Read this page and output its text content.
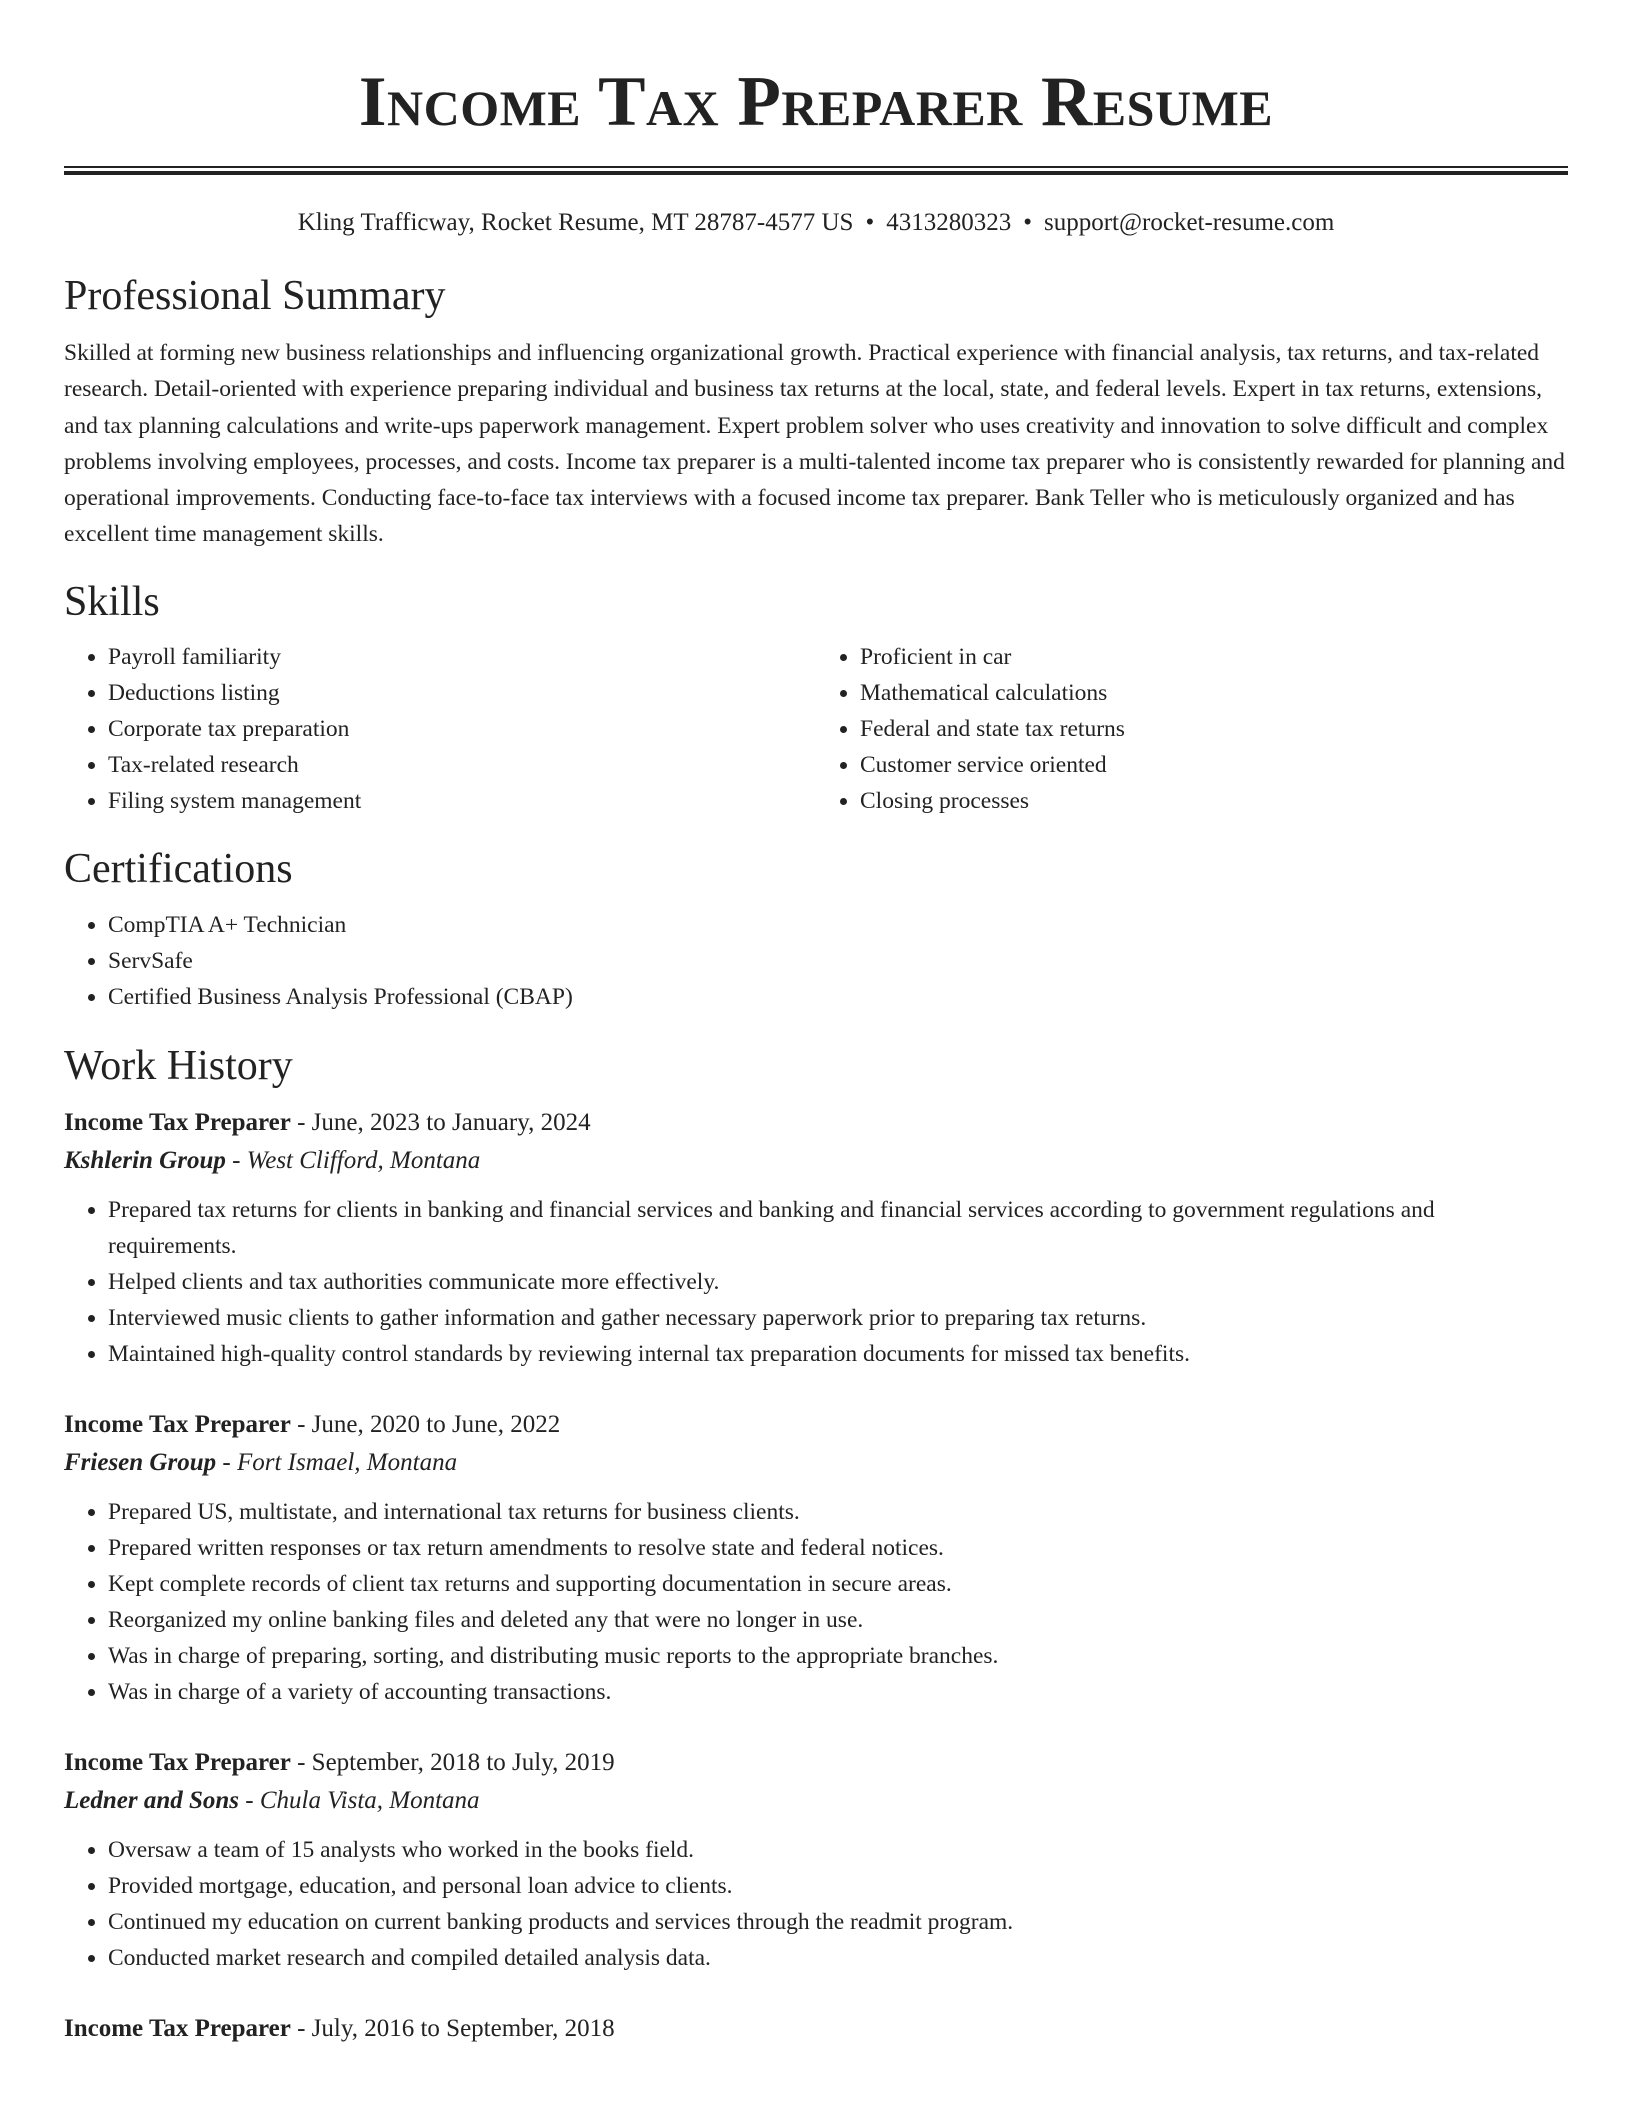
Income Tax Preparer Resume
Kling Trafficway, Rocket Resume, MT 28787-4577 US • 4313280323 • support@rocket-resume.com
Professional Summary

Skilled at forming new business relationships and influencing organizational growth. Practical experience with financial analysis, tax returns, and tax-related research. Detail-oriented with experience preparing individual and business tax returns at the local, state, and federal levels. Expert in tax returns, extensions, and tax planning calculations and write-ups paperwork management. Expert problem solver who uses creativity and innovation to solve difficult and complex problems involving employees, processes, and costs. Income tax preparer is a multi-talented income tax preparer who is consistently rewarded for planning and operational improvements. Conducting face-to-face tax interviews with a focused income tax preparer. Bank Teller who is meticulously organized and has excellent time management skills.

Skills
• Payroll familiarity
• Deductions listing
• Corporate tax preparation
• Tax-related research
• Filing system management
• Proficient in car
• Mathematical calculations
• Federal and state tax returns
• Customer service oriented
• Closing processes
Certifications
• CompTIA A+ Technician
• ServSafe
• Certified Business Analysis Professional (CBAP)
Work History
Income Tax Preparer - June, 2023 to January, 2024
Kshlerin Group - West Clifford, Montana
• Prepared tax returns for clients in banking and financial services and banking and financial services according to government regulations and requirements.
• Helped clients and tax authorities communicate more effectively.
• Interviewed music clients to gather information and gather necessary paperwork prior to preparing tax returns.
• Maintained high-quality control standards by reviewing internal tax preparation documents for missed tax benefits.
Income Tax Preparer - June, 2020 to June, 2022
Friesen Group - Fort Ismael, Montana
• Prepared US, multistate, and international tax returns for business clients.
• Prepared written responses or tax return amendments to resolve state and federal notices.
• Kept complete records of client tax returns and supporting documentation in secure areas.
• Reorganized my online banking files and deleted any that were no longer in use.
• Was in charge of preparing, sorting, and distributing music reports to the appropriate branches.
• Was in charge of a variety of accounting transactions.
Income Tax Preparer - September, 2018 to July, 2019
Ledner and Sons - Chula Vista, Montana
• Oversaw a team of 15 analysts who worked in the books field.
• Provided mortgage, education, and personal loan advice to clients.
• Continued my education on current banking products and services through the readmit program.
• Conducted market research and compiled detailed analysis data.
Income Tax Preparer - July, 2016 to September, 2018
